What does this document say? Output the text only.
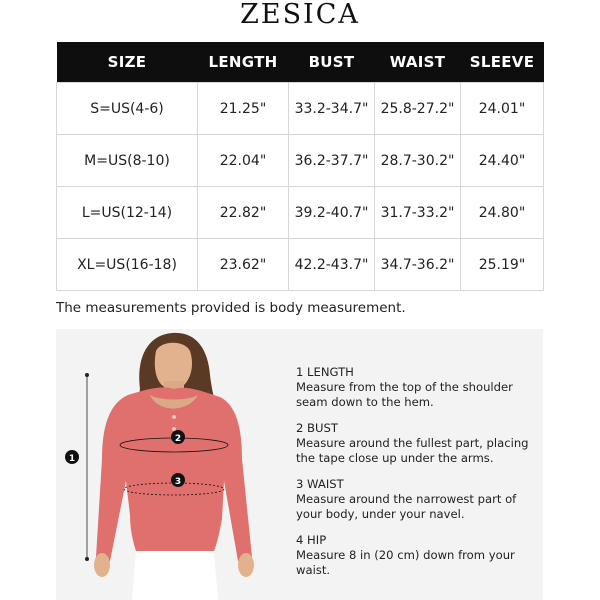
ZESICA
SIZE	LENGTH	BUST	WAIST	SLEEVE
S=US(4-6)	21.25"	33.2-34.7"	25.8-27.2"	24.01"
M=US(8-10)	22.04"	36.2-37.7"	28.7-30.2"	24.40"
L=US(12-14)	22.82"	39.2-40.7"	31.7-33.2"	24.80"
XL=US(16-18)	23.62"	42.2-43.7"	34.7-36.2"	25.19"
The measurements provided is body measurement.
1
2
3
1 LENGTH
Measure from the top of the shoulder seam down to the hem.
2 BUST
Measure around the fullest part, placing the tape close up under the arms.
3 WAIST
Measure around the narrowest part of your body, under your navel.
4 HIP
Measure 8 in (20 cm) down from your waist.
